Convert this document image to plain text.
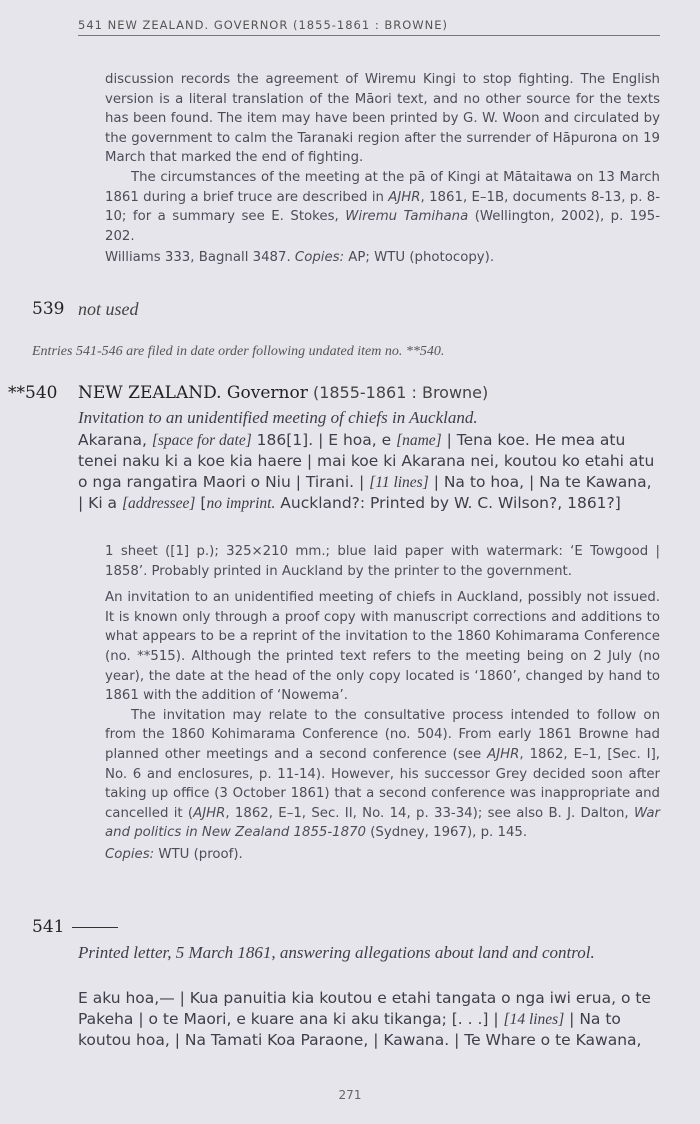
541 NEW ZEALAND. GOVERNOR (1855-1861 : BROWNE)

discussion records the agreement of Wiremu Kingi to stop fighting. The English version is a literal translation of the Māori text, and no other source for the texts has been found. The item may have been printed by G. W. Woon and circulated by the government to calm the Taranaki region after the surrender of Hāpurona on 19 March that marked the end of fighting.

The circumstances of the meeting at the pā of Kingi at Mātaitawa on 13 March 1861 during a brief truce are described in AJHR, 1861, E–1B, documents 8-13, p. 8-10; for a summary see E. Stokes, Wiremu Tamihana (Wellington, 2002), p. 195-202.

Williams 333, Bagnall 3487. Copies: AP; WTU (photocopy).

539 not used
Entries 541-546 are filed in date order following undated item no. **540.
**540 NEW ZEALAND. Governor (1855-1861 : Browne)
Invitation to an unidentified meeting of chiefs in Auckland.

Akarana, [space for date] 186[1]. | E hoa, e [name] | Tena koe. He mea atu tenei naku ki a koe kia haere | mai koe ki Akarana nei, koutou ko etahi atu o nga rangatira Maori o Niu | Tirani. | [11 lines] | Na to hoa, | Na te Kawana, | Ki a [addressee] [no imprint. Auckland?: Printed by W. C. Wilson?, 1861?]

1 sheet ([1] p.); 325×210 mm.; blue laid paper with watermark: ‘E Towgood | 1858’. Probably printed in Auckland by the printer to the government.

An invitation to an unidentified meeting of chiefs in Auckland, possibly not issued. It is known only through a proof copy with manuscript corrections and additions to what appears to be a reprint of the invitation to the 1860 Kohimarama Conference (no. **515). Although the printed text refers to the meeting being on 2 July (no year), the date at the head of the only copy located is ‘1860’, changed by hand to 1861 with the addition of ‘Nowema’.

The invitation may relate to the consultative process intended to follow on from the 1860 Kohimarama Conference (no. 504). From early 1861 Browne had planned other meetings and a second conference (see AJHR, 1862, E–1, [Sec. I], No. 6 and enclosures, p. 11-14). However, his successor Grey decided soon after taking up office (3 October 1861) that a second conference was inappropriate and cancelled it (AJHR, 1862, E–1, Sec. II, No. 14, p. 33-34); see also B. J. Dalton, War and politics in New Zealand 1855-1870 (Sydney, 1967), p. 145.

Copies: WTU (proof).

541
Printed letter, 5 March 1861, answering allegations about land and control.

E aku hoa,— | Kua panuitia kia koutou e etahi tangata o nga iwi erua, o te Pakeha | o te Maori, e kuare ana ki aku tikanga; [. . .] | [14 lines] | Na to koutou hoa, | Na Tamati Koa Paraone, | Kawana. | Te Whare o te Kawana,

271
